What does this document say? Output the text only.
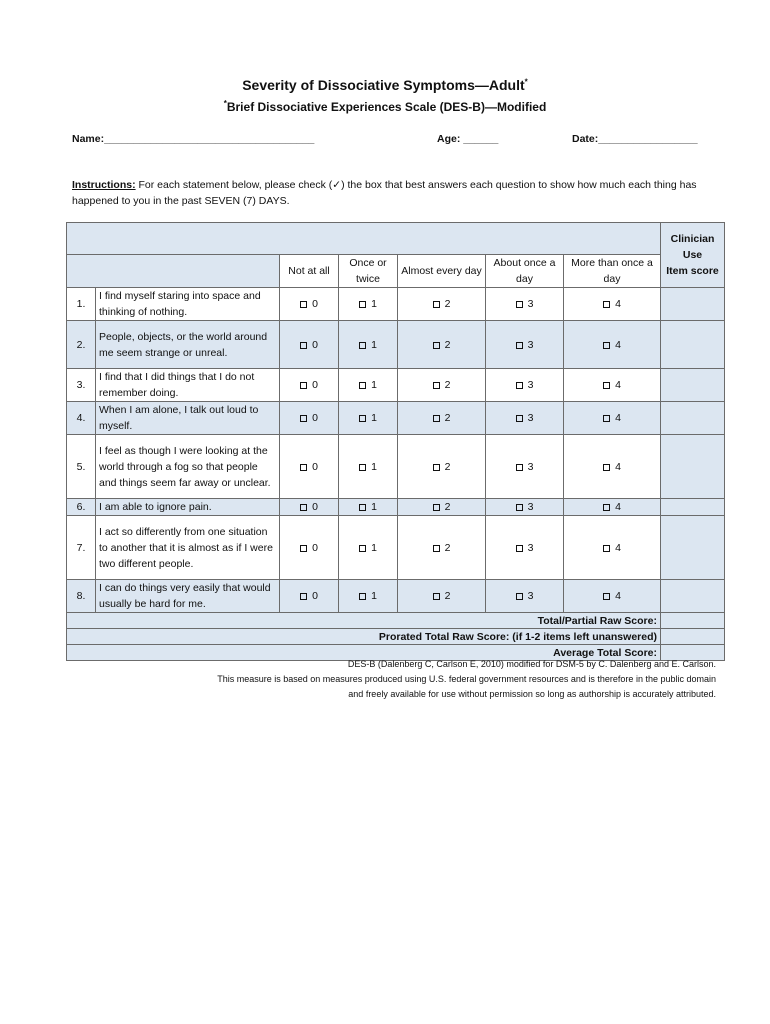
Severity of Dissociative Symptoms—Adult*
*Brief Dissociative Experiences Scale (DES-B)—Modified
Name:____________________________________	Age: ______	Date:_________________
Instructions: For each statement below, please check (✓) the box that best answers each question to show how much each thing has happened to you in the past SEVEN (7) DAYS.

							Clinician Use
Item score

		Not at all	Once or twice	Almost every day	About once a day	More than once a day	
1.	I find myself staring into space and thinking of nothing.	0	1	2	3	4	
2.	People, objects, or the world around me seem strange or unreal.	0	1	2	3	4	
3.	I find that I did things that I do not remember doing.	0	1	2	3	4	
4.	When I am alone, I talk out loud to myself.	0	1	2	3	4	
5.	I feel as though I were looking at the world through a fog so that people and things seem far away or unclear.	0	1	2	3	4	
6.	I am able to ignore pain.	0	1	2	3	4	
7.	I act so differently from one situation to another that it is almost as if I were two different people.	0	1	2	3	4	
8.	I can do things very easily that would usually be hard for me.	0	1	2	3	4	
Total/Partial Raw Score:							
Prorated Total Raw Score: (if 1-2 items left unanswered)							
Average Total Score:							
DES-B (Dalenberg C, Carlson E, 2010) modified for DSM-5 by C. Dalenberg and E. Carlson.
This measure is based on measures produced using U.S. federal government resources and is therefore in the public domain
and freely available for use without permission so long as authorship is accurately attributed.
